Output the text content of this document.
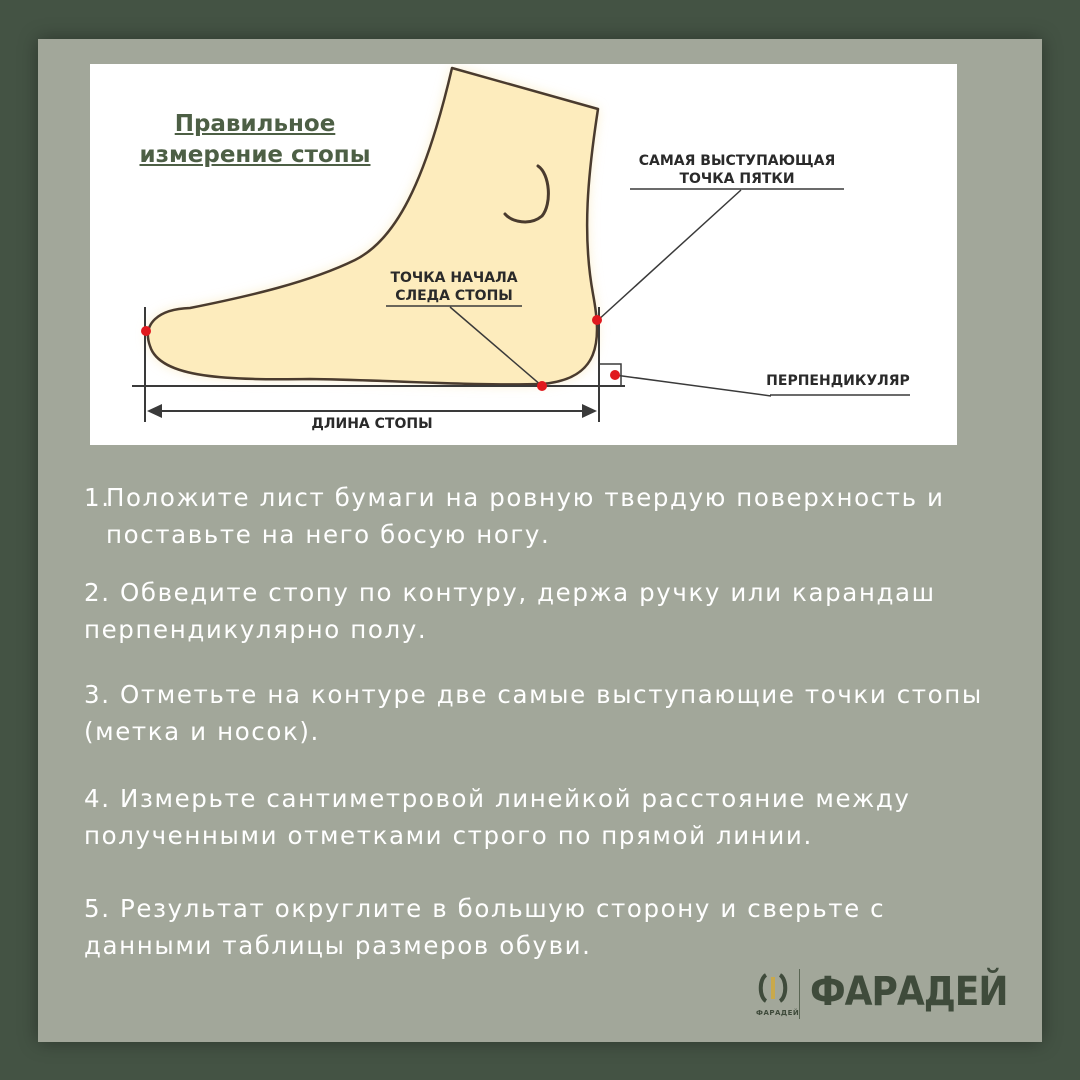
Правильное
измерение стопы	САМАЯ ВЫСТУПАЮЩАЯ
ТОЧКА ПЯТКИ
ТОЧКА НАЧАЛА
СЛЕДА СТОПЫ
ПЕРПЕНДИКУЛЯР
ДЛИНА СТОПЫ
1.
Положите лист бумаги на ровную твердую поверхность и поставьте на него босую ногу.
2. Обведите стопу по контуру, держа ручку или карандаш перпендикулярно полу.
3. Отметьте на контуре две самые выступающие точки стопы (метка и носок).
4. Измерьте сантиметровой линейкой расстояние между полученными отметками строго по прямой линии.
5. Результат округлите в большую сторону и сверьте с данными таблицы размеров обуви.
ФАРАДЕЙ ФАРАДЕЙ
